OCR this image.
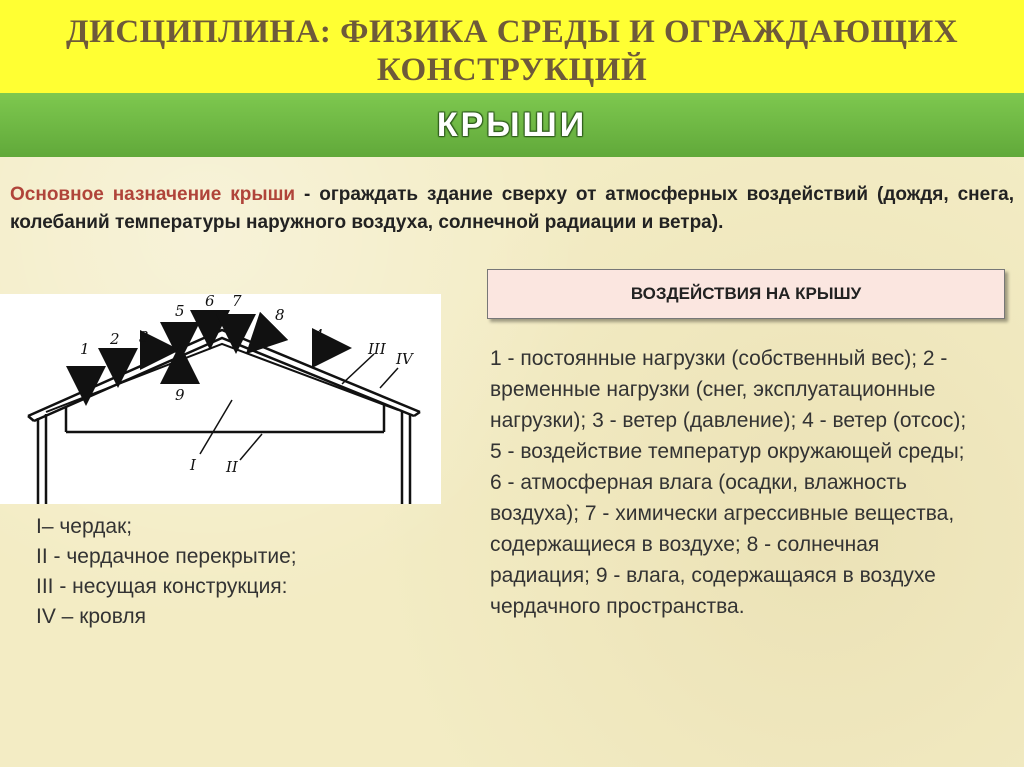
ДИСЦИПЛИНА: ФИЗИКА СРЕДЫ И ОГРАЖДАЮЩИХ
КОНСТРУКЦИЙ
КРЫШИ
Основное назначение крыши - ограждать здание сверху от атмосферных воздействий (дождя, снега, колебаний температуры наружного воздуха, солнечной радиации и ветра).
1
2 3
5
6 7
8
4
9
III
IV
I II
I– чердак;
II - чердачное перекрытие;
III - несущая конструкция:
IV – кровля
ВОЗДЕЙСТВИЯ НА КРЫШУ
1 - постоянные нагрузки (собственный вес); 2 - временные нагрузки (снег, эксплуатационные нагрузки); 3 - ветер (давление); 4 - ветер (отсос); 5 - воздействие температур окружающей среды; 6 - атмосферная влага (осадки, влажность воздуха); 7 - химически агрессивные вещества, содержащиеся в воздухе; 8 - солнечная радиация; 9 - влага, содержащаяся в воздухе чердачного пространства.
